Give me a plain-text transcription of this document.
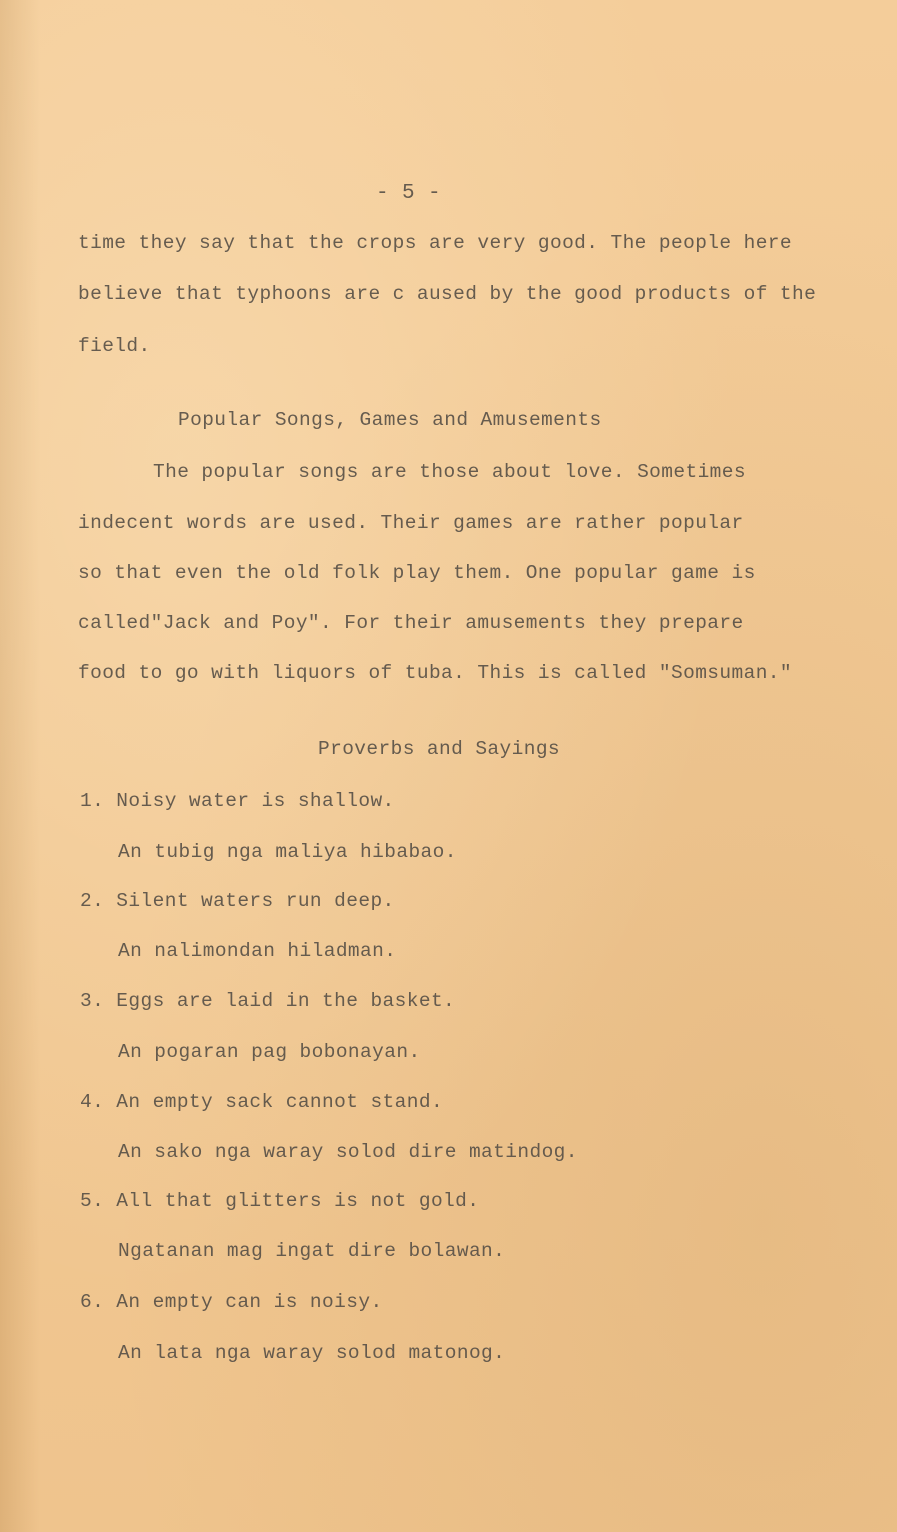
- 5 -
time they say that the crops are very good. The people here
believe that typhoons are c aused by the good products of the
field.
Popular Songs, Games and Amusements
The popular songs are those about love. Sometimes
indecent words are used. Their games are rather popular
so that even the old folk play them. One popular game is
called"Jack and Poy". For their amusements they prepare
food to go with liquors of tuba. This is called "Somsuman."
Proverbs and Sayings
1. Noisy water is shallow.
An tubig nga maliya hibabao.
2. Silent waters run deep.
An nalimondan hiladman.
3. Eggs are laid in the basket.
An pogaran pag bobonayan.
4. An empty sack cannot stand.
An sako nga waray solod dire matindog.
5. All that glitters is not gold.
Ngatanan mag ingat dire bolawan.
6. An empty can is noisy.
An lata nga waray solod matonog.
